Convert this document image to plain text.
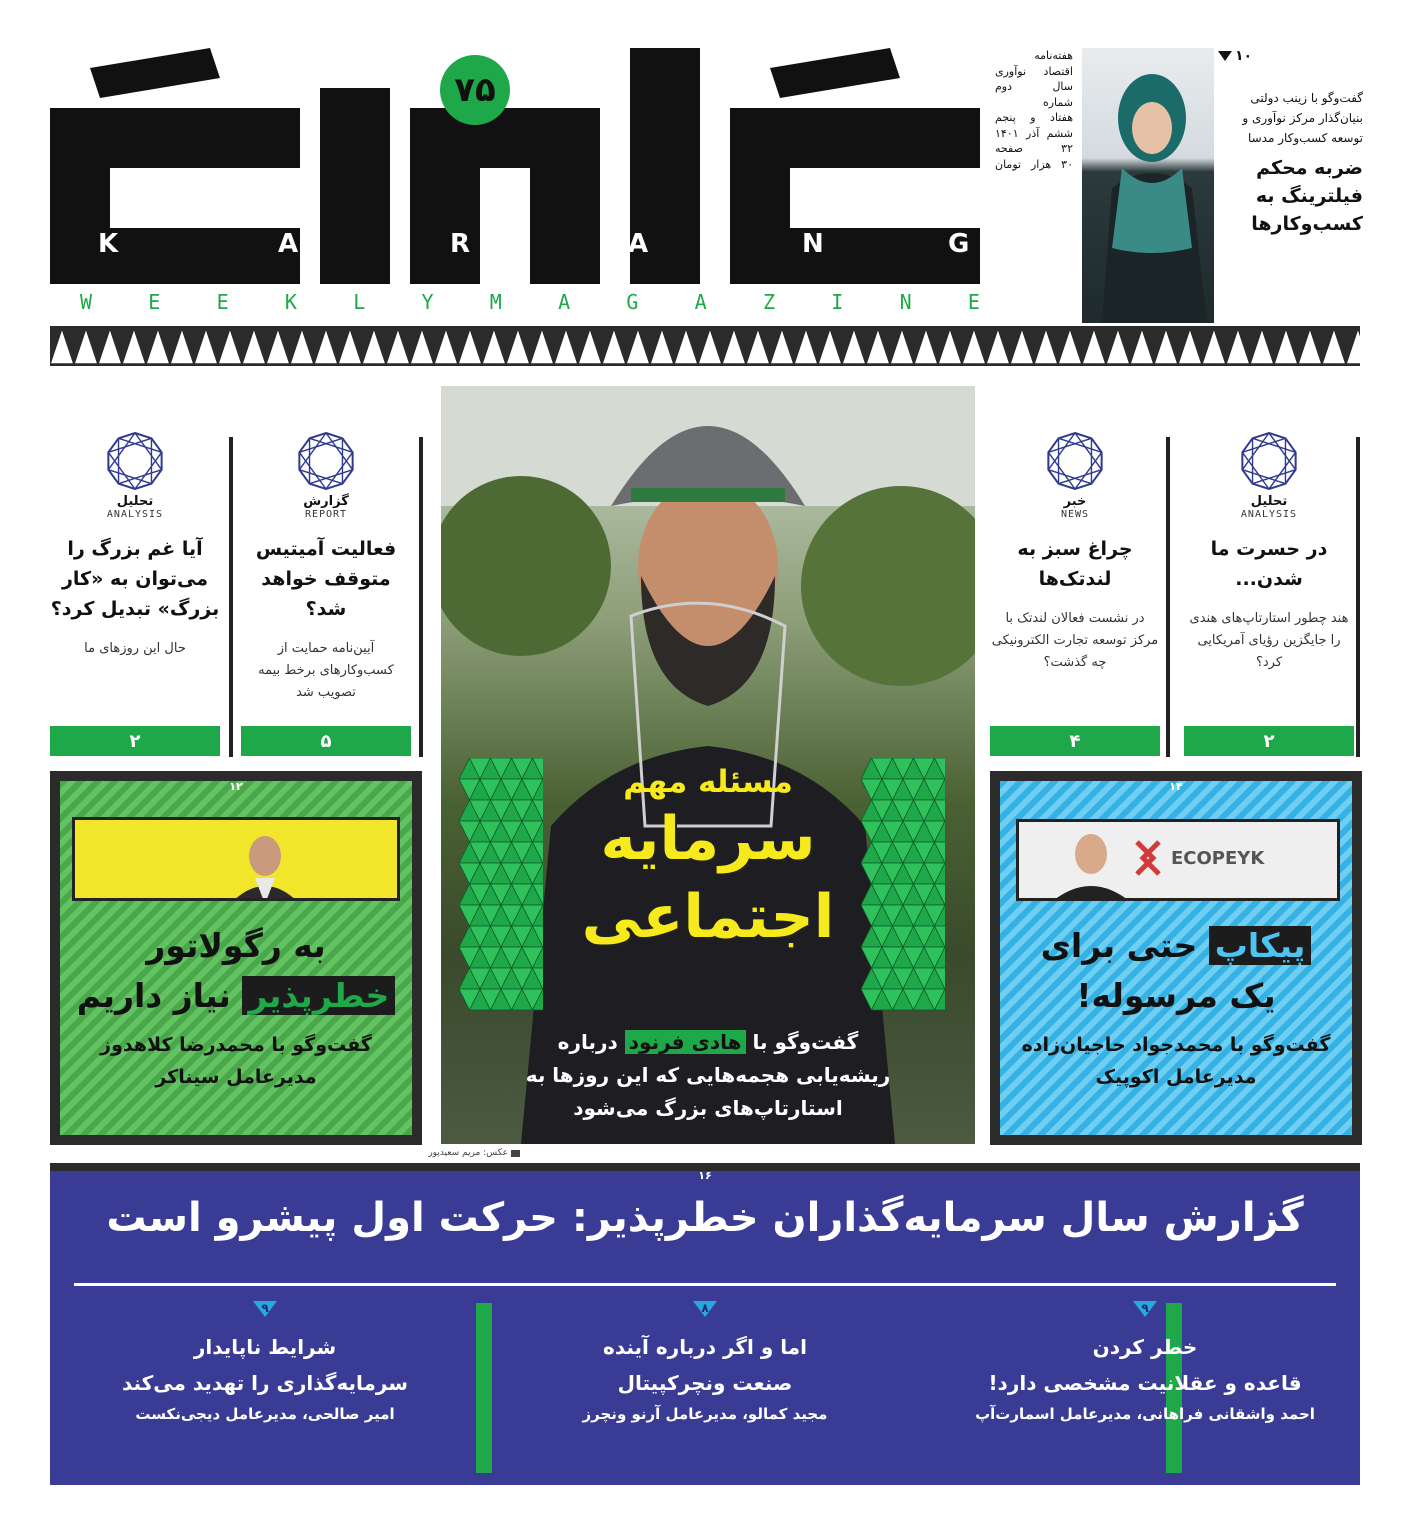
K	A	R	A	N	G
۷۵
W	E	E	K	L	Y	M	A	G	A	Z	I	N	E
هفته‌نامه
اقتصاد نوآوری
سال دوم
شماره
هفتاد و پنجم
ششم آذر ۱۴۰۱
۳۲ صفحه
۳۰ هزار تومان
۱۰
گفت‌وگو با زینب دولتی بنیان‌گذار مرکز نوآوری و توسعه کسب‌وکار مدسا
ضربه محکم فیلترینگ به کسب‌وکارها
تحلیل
ANALYSIS
در حسرت ما شدن...
هند چطور استارتاپ‌های هندی را جایگزین رؤیای آمریکایی کرد؟
۲
خبر
NEWS
چراغ سبز به لندتک‌ها
در نشست فعالان لندتک با مرکز توسعه تجارت الکترونیکی چه گذشت؟
۴
گزارش
REPORT
فعالیت آمیتیس متوقف خواهد شد؟
آیین‌نامه حمایت از کسب‌وکارهای برخط بیمه تصویب شد
۵
تحلیل
ANALYSIS
آیا غم بزرگ را می‌توان به «کار بزرگ» تبدیل کرد؟
حال این روزهای ما
۲
۱۲
به رگولاتور
خطرپذیر نیاز داریم
گفت‌وگو با محمدرضا کلاهدوز
مدیرعامل سیناکر
۱۴
ECOPEYK
پیکاپ حتی برای
یک مرسوله!
گفت‌وگو با محمدجواد حاجیان‌زاده
مدیرعامل اکوپیک
مسئله مهم
سرمایه
اجتماعی
گفت‌وگو با هادی فرنود درباره
ریشه‌یابی هجمه‌هایی که این روزها به
استارتاپ‌های بزرگ می‌شود
عکس: مریم سعیدپور
۱۶
گزارش سال سرمایه‌گذاران خطرپذیر: حرکت اول پیشرو است
۹
خطر کردن
قاعده و عقلانیت مشخصی دارد!
احمد واشقانی فراهانی، مدیرعامل اسمارت‌آپ
۸
اما و اگر درباره آینده
صنعت ونچرکپیتال
مجید کمالو، مدیرعامل آرنو ونچرز
۹
شرایط ناپایدار
سرمایه‌گذاری را تهدید می‌کند
امیر صالحی، مدیرعامل دیجی‌نکست
